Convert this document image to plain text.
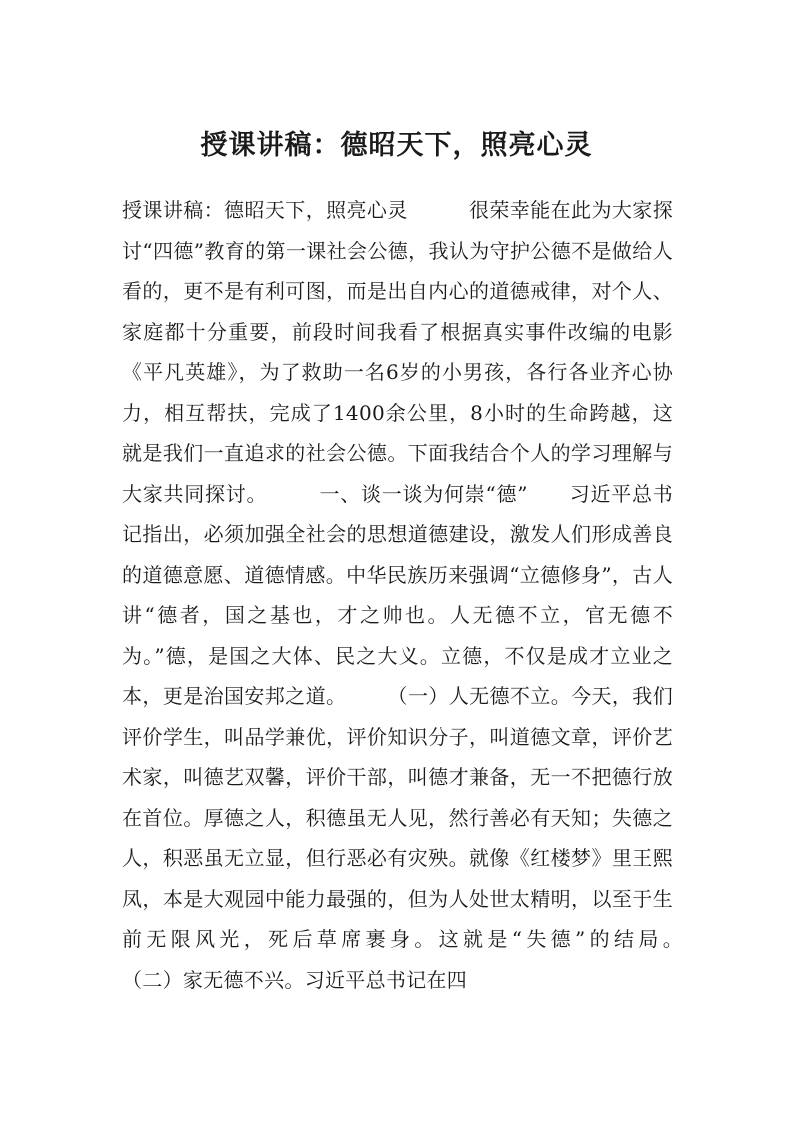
授课讲稿：德昭天下，照亮心灵

授课讲稿：德昭天下，照亮心灵　　　很荣幸能在此为大家探讨“四德”教育的第一课社会公德，我认为守护公德不是做给人看的，更不是有利可图，而是出自内心的道德戒律，对个人、家庭都十分重要，前段时间我看了根据真实事件改编的电影《平凡英雄》，为了救助一名6岁的小男孩，各行各业齐心协力，相互帮扶，完成了1400余公里，8小时的生命跨越，这就是我们一直追求的社会公德。下面我结合个人的学习理解与大家共同探讨。　　　一、谈一谈为何崇“德”　　习近平总书记指出，必须加强全社会的思想道德建设，激发人们形成善良的道德意愿、道德情感。中华民族历来强调“立德修身”，古人讲“德者，国之基也，才之帅也。人无德不立，官无德不为。”德，是国之大体、民之大义。立德，不仅是成才立业之本，更是治国安邦之道。　　　（一）人无德不立。今天，我们评价学生，叫品学兼优，评价知识分子，叫道德文章，评价艺术家，叫德艺双馨，评价干部，叫德才兼备，无一不把德行放在首位。厚德之人，积德虽无人见，然行善必有天知；失德之人，积恶虽无立显，但行恶必有灾殃。就像《红楼梦》里王熙凤，本是大观园中能力最强的，但为人处世太精明，以至于生前无限风光，死后草席裹身。这就是“失德”的结局。　　　（二）家无德不兴。习近平总书记在四
